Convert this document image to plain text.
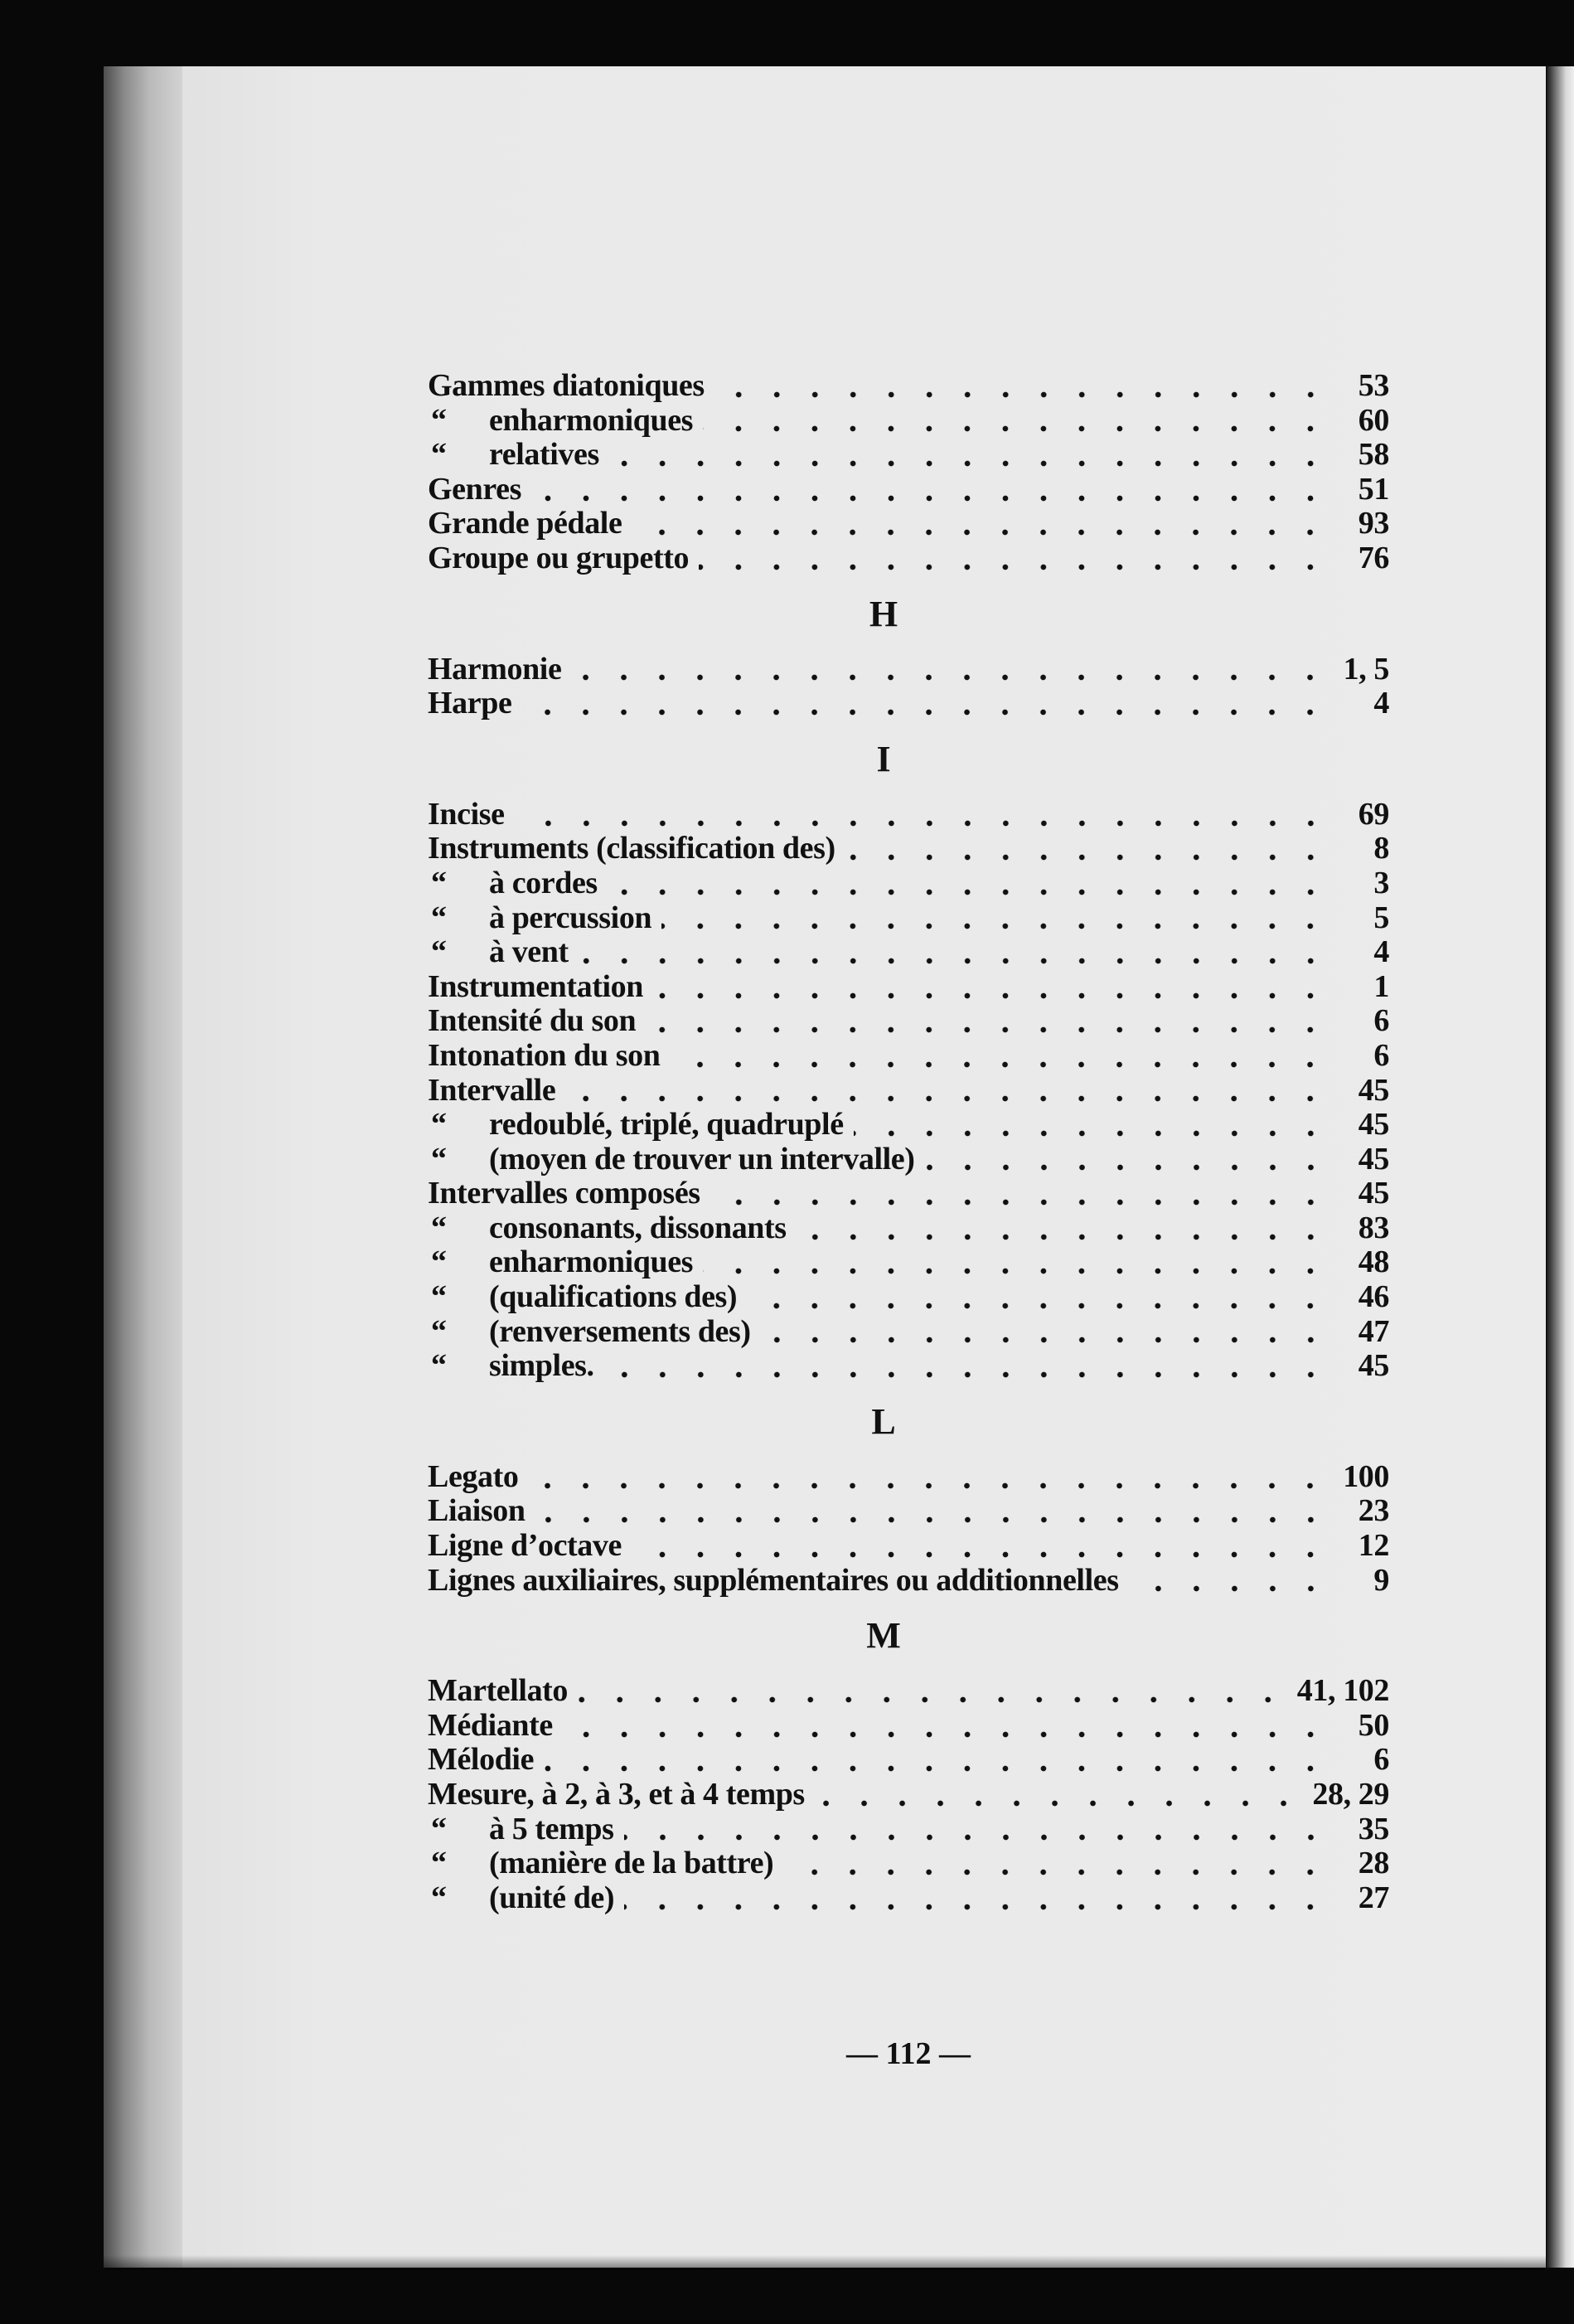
Gammes diatoniques	53
“ enharmoniques	60
“ relatives	58
Genres	51
Grande pédale	93
Groupe ou grupetto	76
H
Harmonie	1, 5
Harpe	4
I
Incise	69
Instruments (classification des)	8
“ à cordes	3
“ à percussion	5
“ à vent	4
Instrumentation	1
Intensité du son	6
Intonation du son	6
Intervalle	45
“ redoublé, triplé, quadruplé	45
“ (moyen de trouver un intervalle)	45
Intervalles composés	45
“ consonants, dissonants	83
“ enharmoniques	48
“ (qualifications des)	46
“ (renversements des)	47
“ simples.	45
L
Legato	100
Liaison	23
Ligne d’octave	12
Lignes auxiliaires, supplémentaires ou additionnelles	9
M
Martellato	41, 102
Médiante	50
Mélodie	6
Mesure, à 2, à 3, et à 4 temps	28, 29
“ à 5 temps	35
“ (manière de la battre)	28
“ (unité de)	27
— 112 —
